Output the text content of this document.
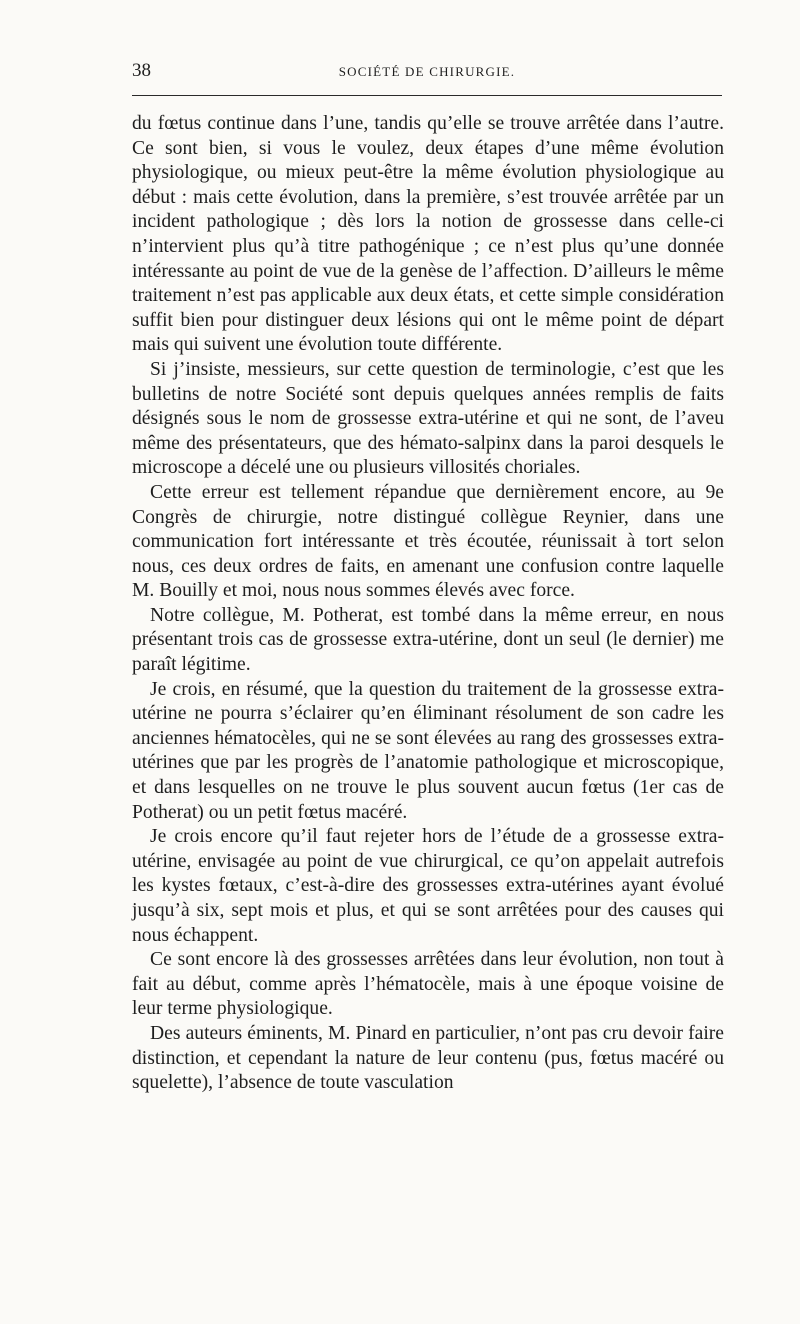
38	SOCIÉTÉ DE CHIRURGIE.

du fœtus continue dans l’une, tandis qu’elle se trouve arrêtée dans l’autre. Ce sont bien, si vous le voulez, deux étapes d’une même évolution physiologique, ou mieux peut-être la même évolution physiologique au début : mais cette évolution, dans la première, s’est trouvée arrêtée par un incident pathologique ; dès lors la notion de grossesse dans celle-ci n’intervient plus qu’à titre pathogénique ; ce n’est plus qu’une donnée intéressante au point de vue de la genèse de l’affection. D’ailleurs le même traitement n’est pas applicable aux deux états, et cette simple considération suffit bien pour distinguer deux lésions qui ont le même point de départ mais qui suivent une évolution toute différente.

Si j’insiste, messieurs, sur cette question de terminologie, c’est que les bulletins de notre Société sont depuis quelques années remplis de faits désignés sous le nom de grossesse extra-utérine et qui ne sont, de l’aveu même des présentateurs, que des hémato-salpinx dans la paroi desquels le microscope a décelé une ou plusieurs villosités choriales.

Cette erreur est tellement répandue que dernièrement encore, au 9e Congrès de chirurgie, notre distingué collègue Reynier, dans une communication fort intéressante et très écoutée, réunissait à tort selon nous, ces deux ordres de faits, en amenant une confusion contre laquelle M. Bouilly et moi, nous nous sommes élevés avec force.

Notre collègue, M. Potherat, est tombé dans la même erreur, en nous présentant trois cas de grossesse extra-utérine, dont un seul (le dernier) me paraît légitime.

Je crois, en résumé, que la question du traitement de la grossesse extra-utérine ne pourra s’éclairer qu’en éliminant résolument de son cadre les anciennes hématocèles, qui ne se sont élevées au rang des grossesses extra-utérines que par les progrès de l’anatomie pathologique et microscopique, et dans lesquelles on ne trouve le plus souvent aucun fœtus (1er cas de Potherat) ou un petit fœtus macéré.

Je crois encore qu’il faut rejeter hors de l’étude de a grossesse extra-utérine, envisagée au point de vue chirurgical, ce qu’on appelait autrefois les kystes fœtaux, c’est-à-dire des grossesses extra-utérines ayant évolué jusqu’à six, sept mois et plus, et qui se sont arrêtées pour des causes qui nous échappent.

Ce sont encore là des grossesses arrêtées dans leur évolution, non tout à fait au début, comme après l’hématocèle, mais à une époque voisine de leur terme physiologique.

Des auteurs éminents, M. Pinard en particulier, n’ont pas cru devoir faire distinction, et cependant la nature de leur contenu (pus, fœtus macéré ou squelette), l’absence de toute vasculation
